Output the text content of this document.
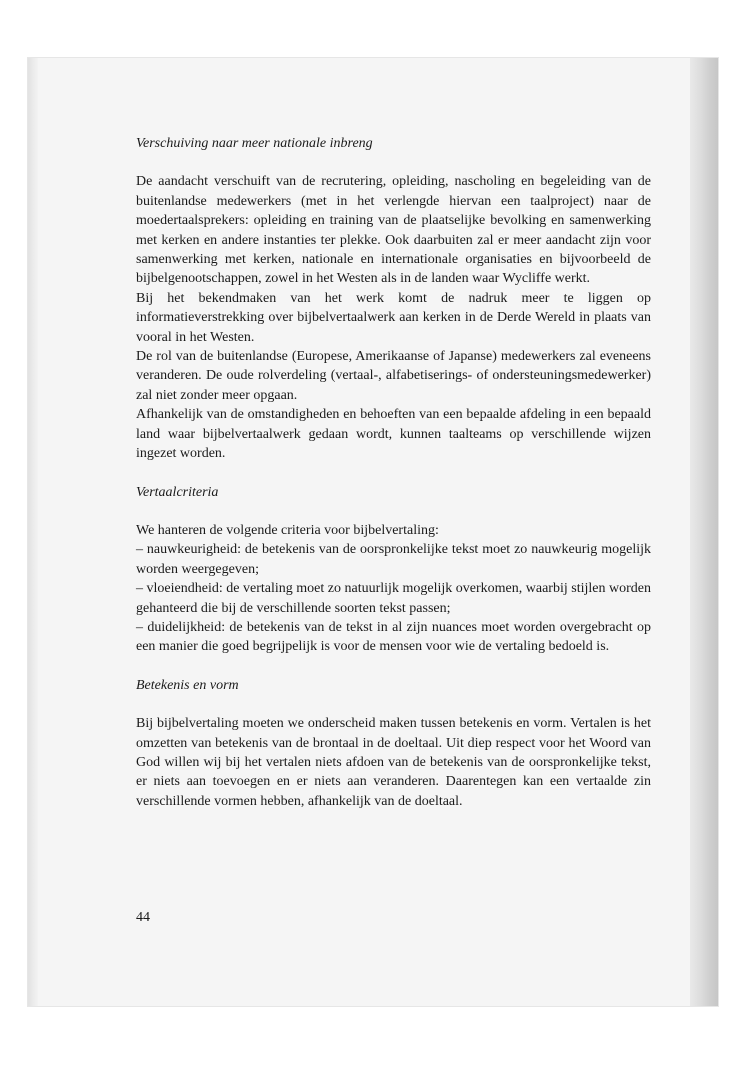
Verschuiving naar meer nationale inbreng

De aandacht verschuift van de recrutering, opleiding, nascholing en begeleiding van de buitenlandse medewerkers (met in het verlengde hiervan een taalproject) naar de moedertaalsprekers: opleiding en training van de plaatselijke bevolking en samenwerking met kerken en andere instanties ter plekke. Ook daarbuiten zal er meer aandacht zijn voor samenwerking met kerken, nationale en internationale organisaties en bijvoorbeeld de bijbelgenootschappen, zowel in het Westen als in de landen waar Wycliffe werkt.

Bij het bekendmaken van het werk komt de nadruk meer te liggen op informatieverstrekking over bijbelvertaalwerk aan kerken in de Derde Wereld in plaats van vooral in het Westen.

De rol van de buitenlandse (Europese, Amerikaanse of Japanse) medewerkers zal eveneens veranderen. De oude rolverdeling (vertaal-, alfabetiserings- of ondersteuningsmedewerker) zal niet zonder meer opgaan.

Afhankelijk van de omstandigheden en behoeften van een bepaalde afdeling in een bepaald land waar bijbelvertaalwerk gedaan wordt, kunnen taalteams op verschillende wijzen ingezet worden.

Vertaalcriteria

We hanteren de volgende criteria voor bijbelvertaling:

– nauwkeurigheid: de betekenis van de oorspronkelijke tekst moet zo nauwkeurig mogelijk worden weergegeven;

– vloeiendheid: de vertaling moet zo natuurlijk mogelijk overkomen, waarbij stijlen worden gehanteerd die bij de verschillende soorten tekst passen;

– duidelijkheid: de betekenis van de tekst in al zijn nuances moet worden overgebracht op een manier die goed begrijpelijk is voor de mensen voor wie de vertaling bedoeld is.

Betekenis en vorm

Bij bijbelvertaling moeten we onderscheid maken tussen betekenis en vorm. Vertalen is het omzetten van betekenis van de brontaal in de doeltaal. Uit diep respect voor het Woord van God willen wij bij het vertalen niets afdoen van de betekenis van de oorspronkelijke tekst, er niets aan toevoegen en er niets aan veranderen. Daarentegen kan een vertaalde zin verschillende vormen hebben, afhankelijk van de doeltaal.

44
